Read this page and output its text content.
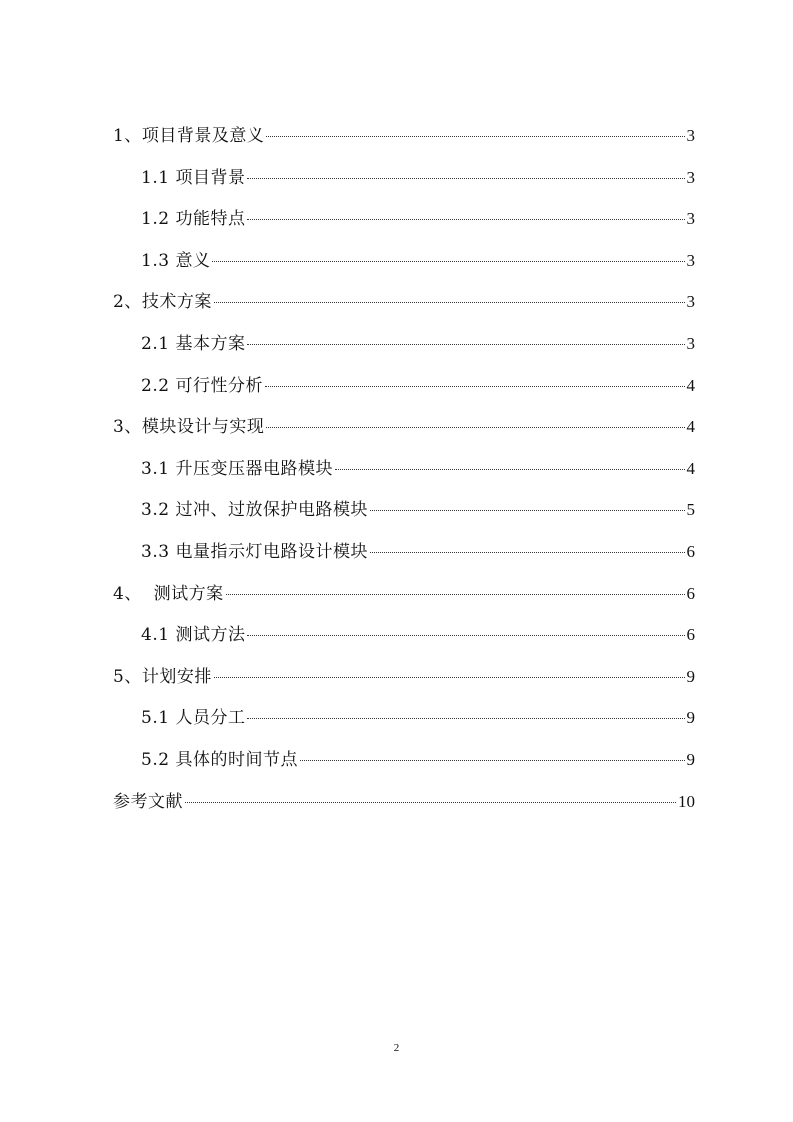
1、项目背景及意义	3
1.1 项目背景	3
1.2 功能特点	3
1.3 意义	3
2、技术方案	3
2.1 基本方案	3
2.2 可行性分析	4
3、模块设计与实现	4
3.1 升压变压器电路模块	4
3.2 过冲、过放保护电路模块	5
3.3 电量指示灯电路设计模块	6
4、  测试方案	6
4.1 测试方法	6
5、计划安排	9
5.1 人员分工	9
5.2 具体的时间节点	9
参考文献	10
2
